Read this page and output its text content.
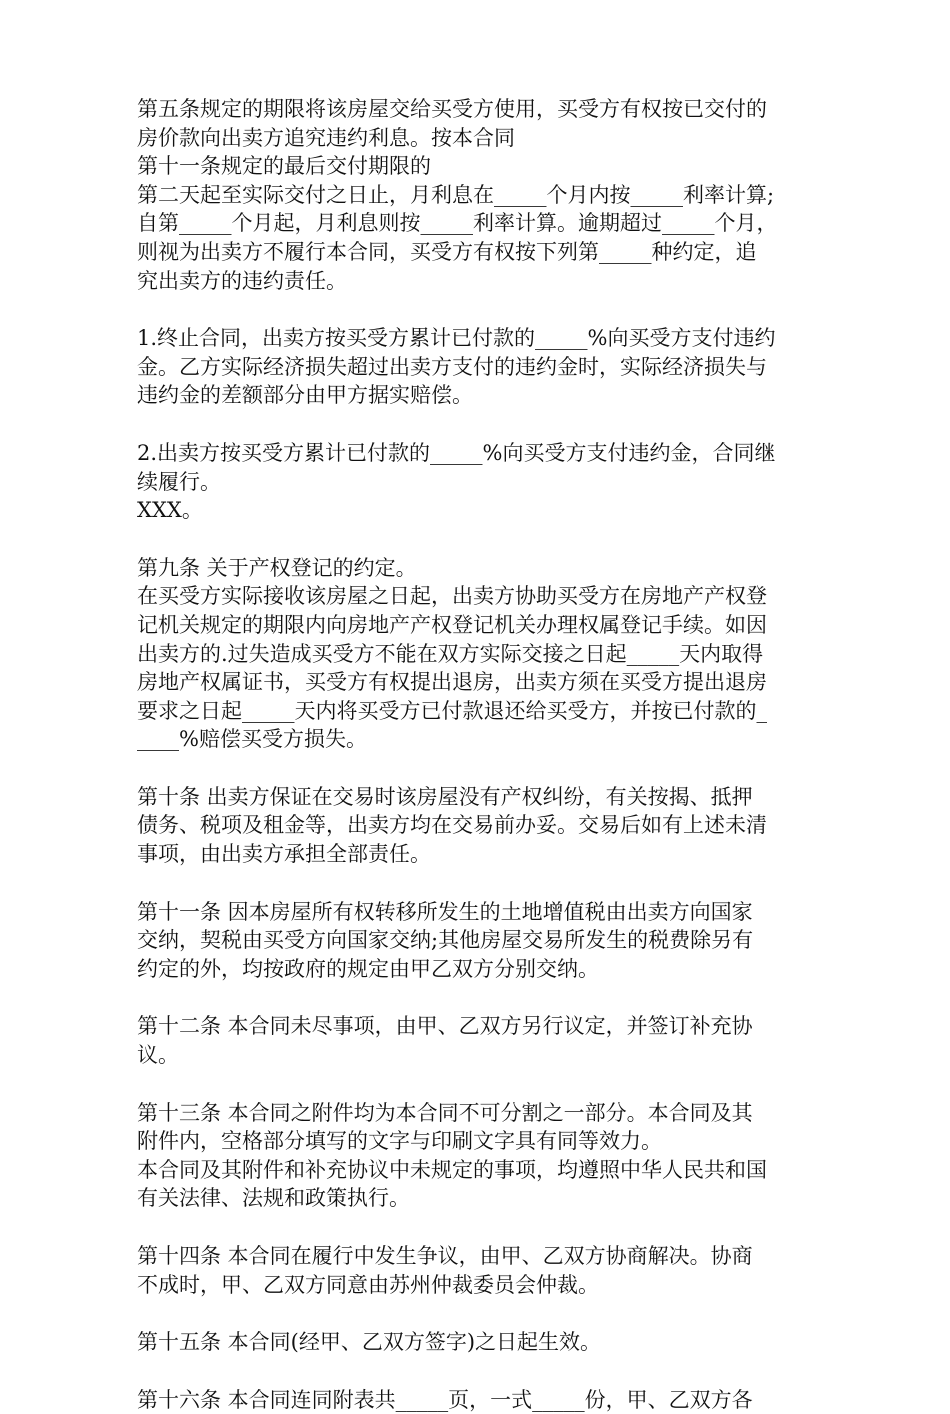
第五条规定的期限将该房屋交给买受方使用，买受方有权按已交付的
房价款向出卖方追究违约利息。按本合同
第十一条规定的最后交付期限的
第二天起至实际交付之日止，月利息在_____个月内按_____利率计算;
自第_____个月起，月利息则按_____利率计算。逾期超过_____个月，
则视为出卖方不履行本合同，买受方有权按下列第_____种约定，追
究出卖方的违约责任。
1.终止合同，出卖方按买受方累计已付款的_____%向买受方支付违约
金。乙方实际经济损失超过出卖方支付的违约金时，实际经济损失与
违约金的差额部分由甲方据实赔偿。
2.出卖方按买受方累计已付款的_____%向买受方支付违约金，合同继
续履行。
XXX。
第九条 关于产权登记的约定。
在买受方实际接收该房屋之日起，出卖方协助买受方在房地产产权登
记机关规定的期限内向房地产产权登记机关办理权属登记手续。如因
出卖方的.过失造成买受方不能在双方实际交接之日起_____天内取得
房地产权属证书，买受方有权提出退房，出卖方须在买受方提出退房
要求之日起_____天内将买受方已付款退还给买受方，并按已付款的_
____%赔偿买受方损失。
第十条 出卖方保证在交易时该房屋没有产权纠纷，有关按揭、抵押
债务、税项及租金等，出卖方均在交易前办妥。交易后如有上述未清
事项，由出卖方承担全部责任。
第十一条 因本房屋所有权转移所发生的土地增值税由出卖方向国家
交纳，契税由买受方向国家交纳;其他房屋交易所发生的税费除另有
约定的外，均按政府的规定由甲乙双方分别交纳。
第十二条 本合同未尽事项，由甲、乙双方另行议定，并签订补充协
议。
第十三条 本合同之附件均为本合同不可分割之一部分。本合同及其
附件内，空格部分填写的文字与印刷文字具有同等效力。
本合同及其附件和补充协议中未规定的事项，均遵照中华人民共和国
有关法律、法规和政策执行。
第十四条 本合同在履行中发生争议，由甲、乙双方协商解决。协商
不成时，甲、乙双方同意由苏州仲裁委员会仲裁。
第十五条 本合同(经甲、乙双方签字)之日起生效。
第十六条 本合同连同附表共_____页，一式_____份，甲、乙双方各
